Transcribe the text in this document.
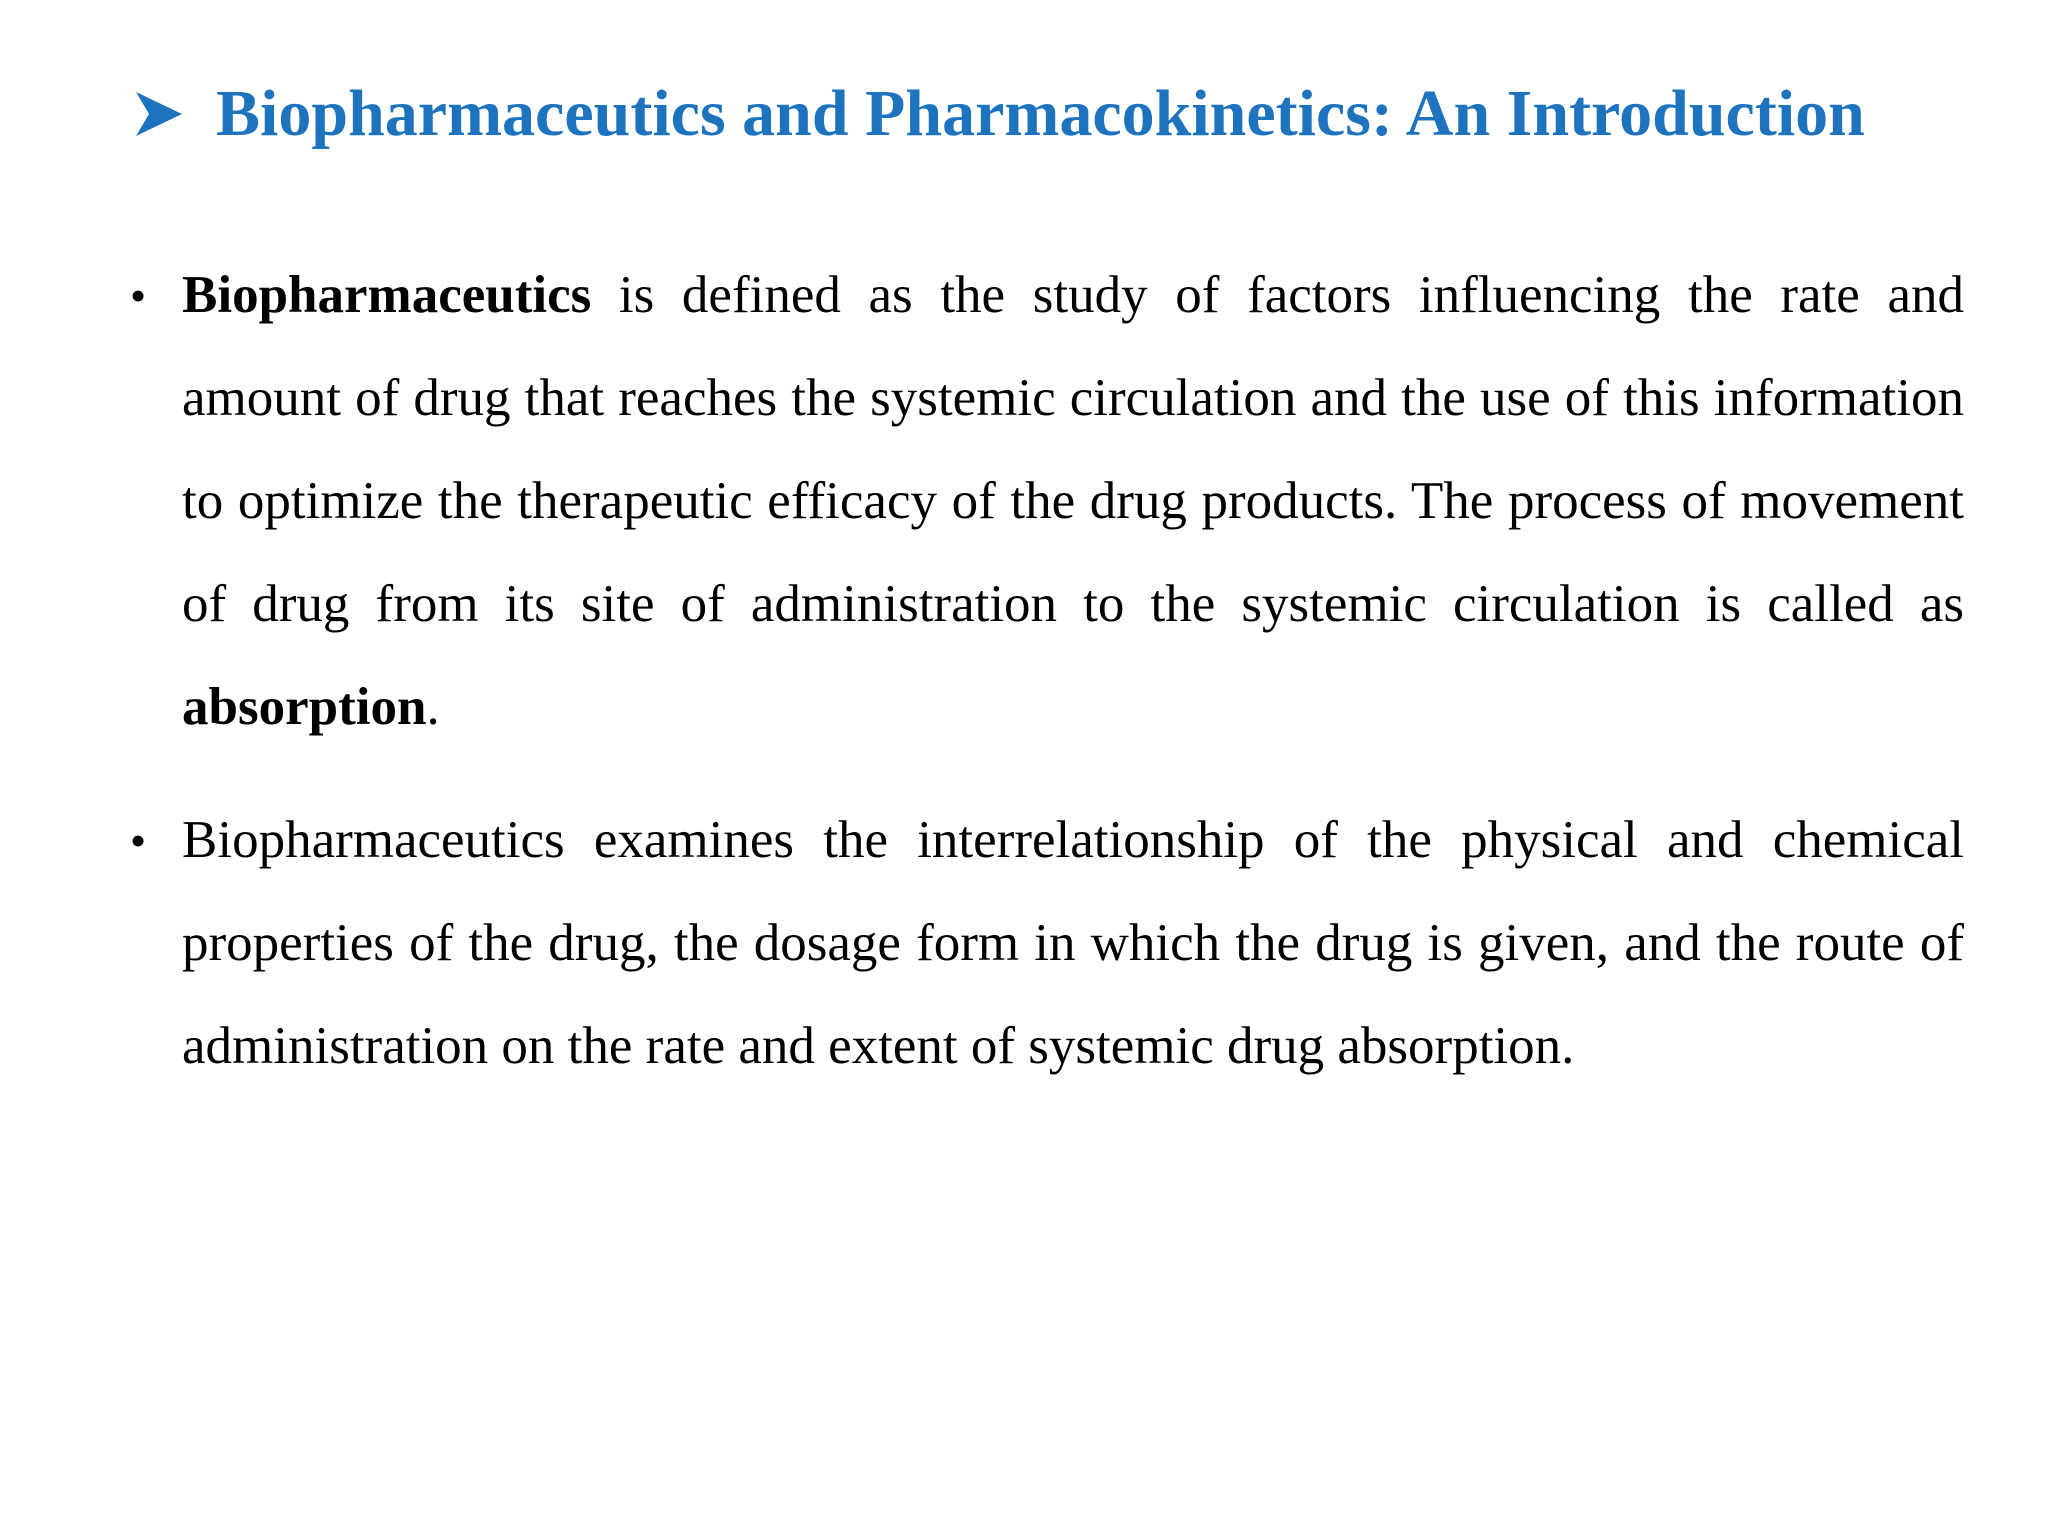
Biopharmaceutics and Pharmacokinetics: An Introduction
• Biopharmaceutics is defined as the study of factors influencing the rate and amount of drug that reaches the systemic circulation and the use of this information to optimize the therapeutic efficacy of the drug products. The process of movement of drug from its site of administration to the systemic circulation is called as absorption.
• Biopharmaceutics examines the interrelationship of the physical and chemical properties of the drug, the dosage form in which the drug is given, and the route of administration on the rate and extent of systemic drug absorption.
